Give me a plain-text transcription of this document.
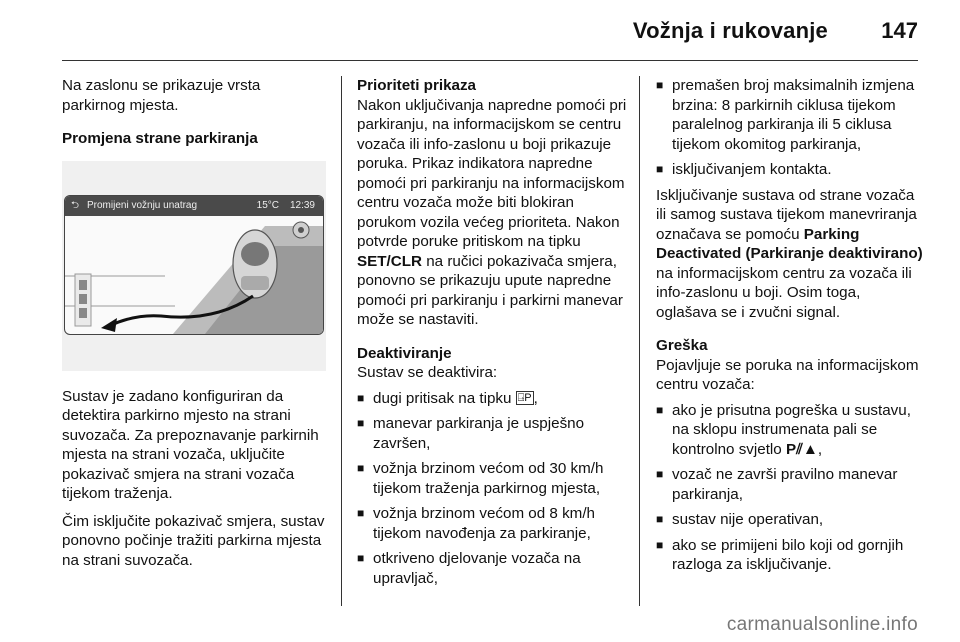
Vožnja i rukovanje 147

Na zaslonu se prikazuje vrsta parkirnog mjesta.

Promjena strane parkiranja

⮌ Promijeni vožnju unatrag	15°C 12:39

Sustav je zadano konfiguriran da detektira parkirno mjesto na strani suvozača. Za prepoznavanje parkirnih mjesta na strani vozača, uključite pokazivač smjera na strani vozača tijekom traženja.

Čim isključite pokazivač smjera, sustav ponovno počinje tražiti parkirna mjesta na strani suvozača.

Prioriteti prikaza

Nakon uključivanja napredne pomoći pri parkiranju, na informacijskom se centru vozača ili info-zaslonu u boji prikazuje poruka. Prikaz indikatora napredne pomoći pri parkiranju na informacijskom centru vozača može biti blokiran porukom vozila većeg prioriteta. Nakon potvrde poruke pritiskom na tipku SET/CLR na ručici pokazivača smjera, ponovno se prikazuju upute napredne pomoći pri parkiranju i parkirni manevar može se nastaviti.

Deaktiviranje

Sustav se deaktivira:

■ dugi pritisak na tipku ⍈P ,
■ manevar parkiranja je uspješno završen,
■ vožnja brzinom većom od 30 km/h tijekom traženja parkirnog mjesta,
■ vožnja brzinom većom od 8 km/h tijekom navođenja za parkiranje,
■ otkriveno djelovanje vozača na upravljač,
■ premašen broj maksimalnih izmjena brzina: 8 parkirnih ciklusa tijekom paralelnog parkiranja ili 5 ciklusa tijekom okomitog parkiranja,
■ isključivanjem kontakta.

Isključivanje sustava od strane vozača ili samog sustava tijekom manevriranja označava se pomoću Parking Deactivated (Parkiranje deaktivirano) na informacijskom centru za vozača ili info-zaslonu u boji. Osim toga, oglašava se i zvučni signal.

Greška

Pojavljuje se poruka na informacijskom centru vozača:

■ ako je prisutna pogreška u sustavu, na sklopu instrumenata pali se kontrolno svjetlo P⫽▲,
■ vozač ne završi pravilno manevar parkiranja,
■ sustav nije operativan,
■ ako se primijeni bilo koji od gornjih razloga za isključivanje.
carmanualsonline.info
